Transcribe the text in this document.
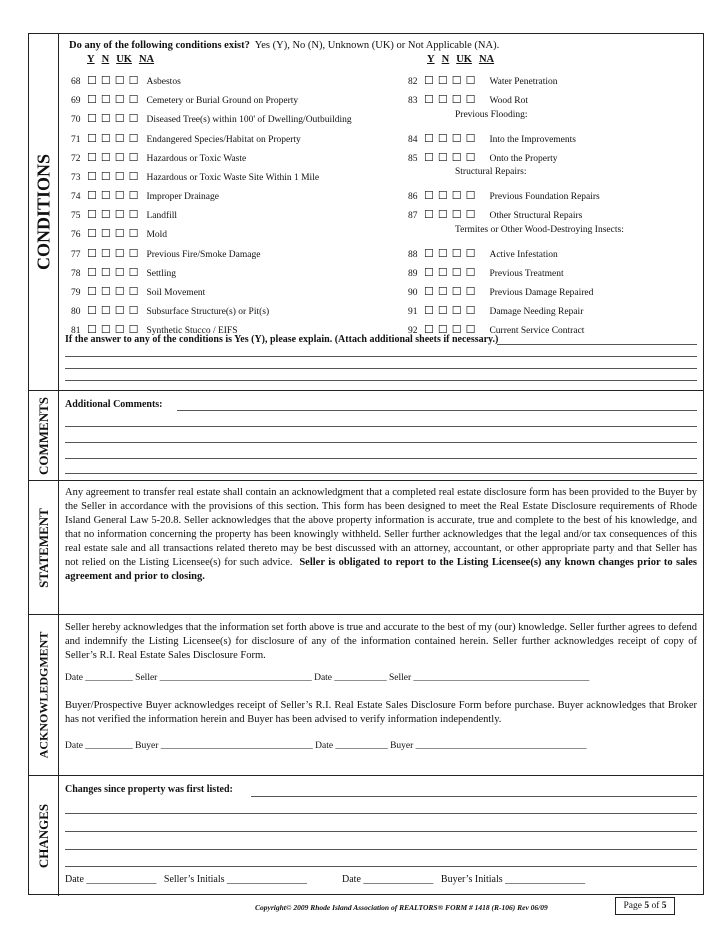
CONDITIONS
Do any of the following conditions exist? Yes (Y), No (N), Unknown (UK) or Not Applicable (NA).
Y N UK NA	Y N UK NA
68 ☐☐☐☐ Asbestos
69 ☐☐☐☐ Cemetery or Burial Ground on Property
70 ☐☐☐☐ Diseased Tree(s) within 100' of Dwelling/Outbuilding
71 ☐☐☐☐ Endangered Species/Habitat on Property
72 ☐☐☐☐ Hazardous or Toxic Waste
73 ☐☐☐☐ Hazardous or Toxic Waste Site Within 1 Mile
74 ☐☐☐☐ Improper Drainage
75 ☐☐☐☐ Landfill
76 ☐☐☐☐ Mold
77 ☐☐☐☐ Previous Fire/Smoke Damage
78 ☐☐☐☐ Settling
79 ☐☐☐☐ Soil Movement
80 ☐☐☐☐ Subsurface Structure(s) or Pit(s)
81 ☐☐☐☐ Synthetic Stucco / EIFS
82 ☐☐☐☐ Water Penetration
83 ☐☐☐☐ Wood Rot
84 ☐☐☐☐ Into the Improvements
85 ☐☐☐☐ Onto the Property
86 ☐☐☐☐ Previous Foundation Repairs
87 ☐☐☐☐ Other Structural Repairs
88 ☐☐☐☐ Active Infestation
89 ☐☐☐☐ Previous Treatment
90 ☐☐☐☐ Previous Damage Repaired
91 ☐☐☐☐ Damage Needing Repair
92 ☐☐☐☐ Current Service Contract
Previous Flooding:
Structural Repairs:
Termites or Other Wood-Destroying Insects:
If the answer to any of the conditions is Yes (Y), please explain. (Attach additional sheets if necessary.)
COMMENTS Additional Comments:
STATEMENT
Any agreement to transfer real estate shall contain an acknowledgment that a completed real estate disclosure form has been provided to the Buyer by the Seller in accordance with the provisions of this section. This form has been designed to meet the Real Estate Disclosure requirements of Rhode Island General Law 5-20.8. Seller acknowledges that the above property information is accurate, true and complete to the best of his knowledge, and that no information concerning the property has been knowingly withheld. Seller further acknowledges that the legal and/or tax consequences of this real estate sale and all transactions related thereto may be best discussed with an attorney, accountant, or other appropriate party and that Seller has not relied on the Listing Licensee(s) for such advice. Seller is obligated to report to the Listing Licensee(s) any known changes prior to sales agreement and prior to closing.
ACKNOWLEDGMENT
Seller hereby acknowledges that the information set forth above is true and accurate to the best of my (our) knowledge. Seller further agrees to defend and indemnify the Listing Licensee(s) for disclosure of any of the information contained herein. Seller further acknowledges receipt of copy of Seller’s R.I. Real Estate Sales Disclosure Form.
Date __________ Seller ________________________________ Date ___________ Seller _____________________________________
Buyer/Prospective Buyer acknowledges receipt of Seller’s R.I. Real Estate Sales Disclosure Form before purchase. Buyer acknowledges that Broker has not verified the information herein and Buyer has been advised to verify information independently.
Date __________ Buyer ________________________________ Date ___________ Buyer ____________________________________
CHANGES
Changes since property was first listed:
Date ______________   Seller’s Initials ________________              Date ______________   Buyer’s Initials ________________
Copyright© 2009 Rhode Island Association of REALTORS® FORM # 1418 (R-106) Rev 06/09	Page 5 of 5
